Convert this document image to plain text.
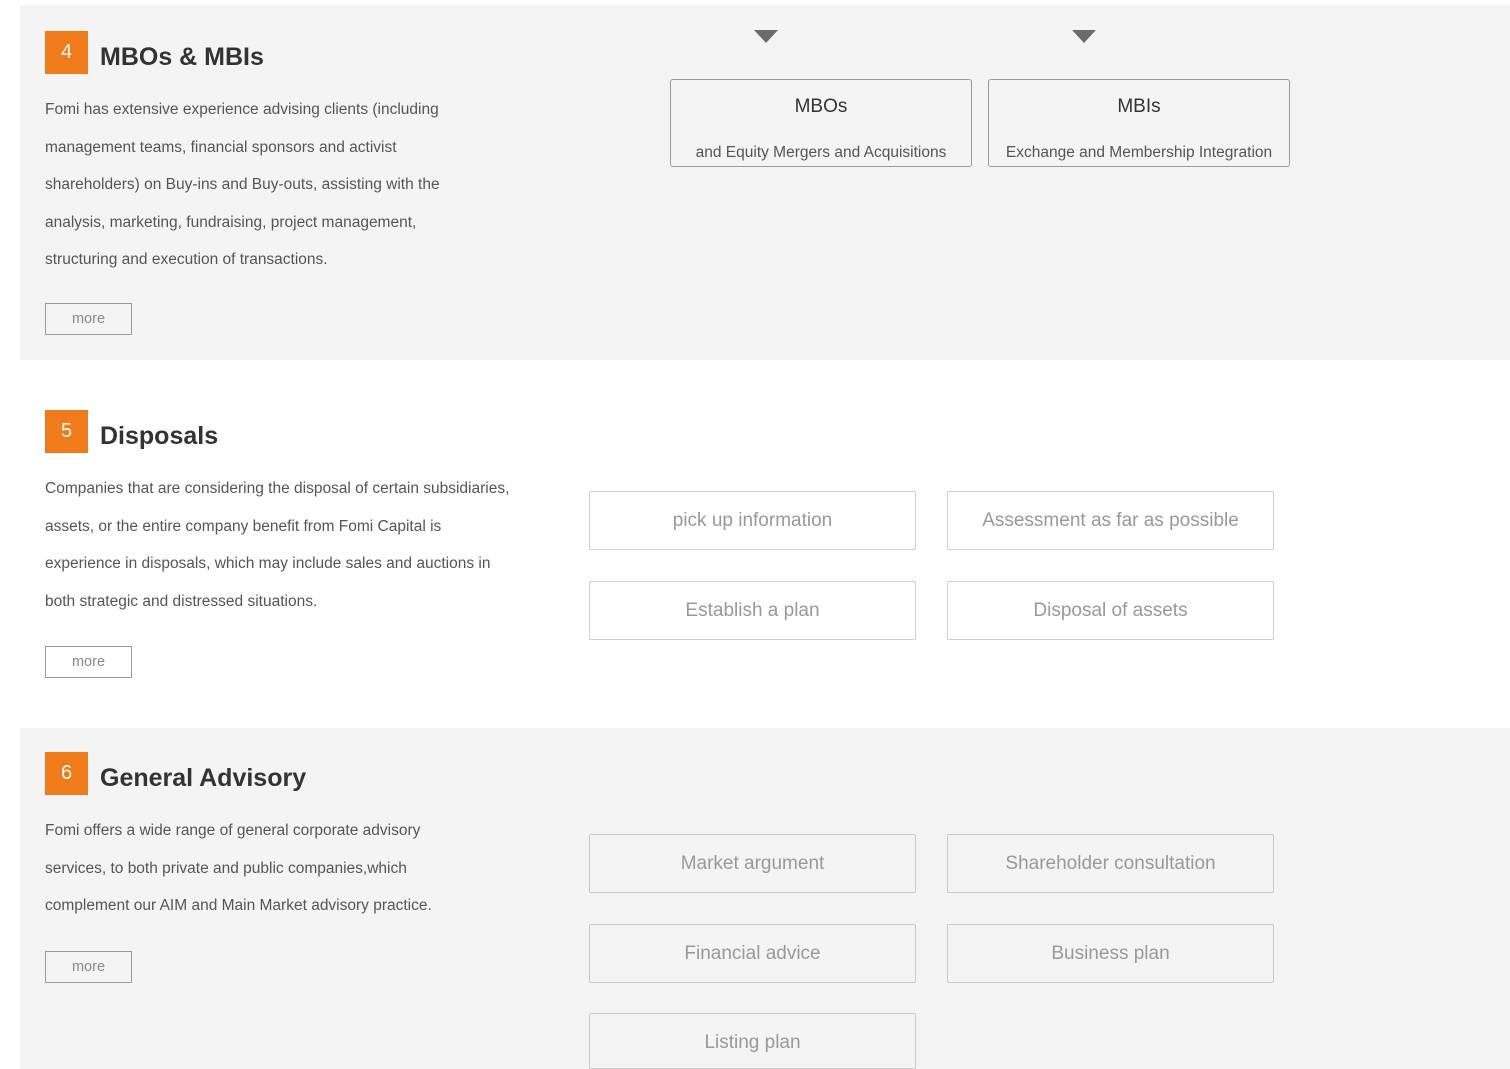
4	MBOs & MBIs

Fomi has extensive experience advising clients (including management teams, financial sponsors and activist shareholders) on Buy-ins and Buy-outs, assisting with the analysis, marketing, fundraising, project management, structuring and execution of transactions.

more
MBOs
and Equity Mergers and Acquisitions
MBIs
Exchange and Membership Integration
5	Disposals

Companies that are considering the disposal of certain subsidiaries, assets, or the entire company benefit from Fomi Capital is experience in disposals, which may include sales and auctions in both strategic and distressed situations.

more
pick up information	Assessment as far as possible
Establish a plan	Disposal of assets
6	General Advisory

Fomi offers a wide range of general corporate advisory services, to both private and public companies,which complement our AIM and Main Market advisory practice.

more
Market argument	Shareholder consultation
Financial advice	Business plan
Listing plan
